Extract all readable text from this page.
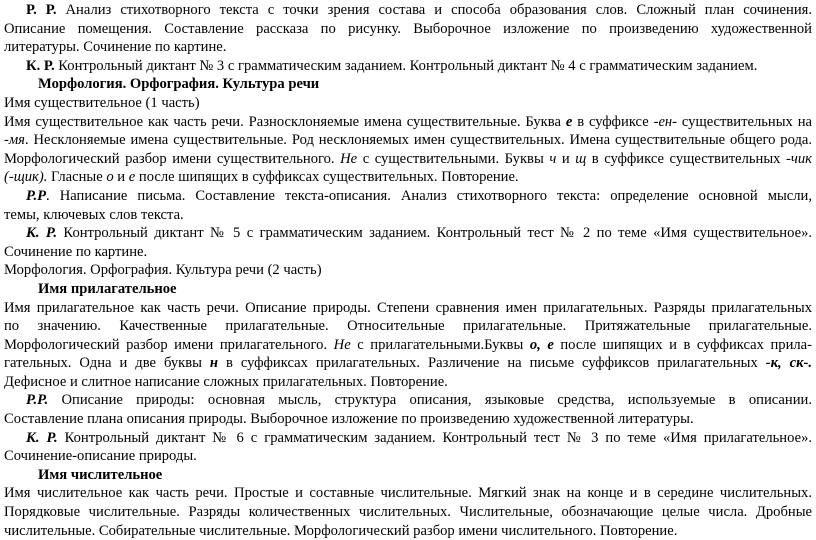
Р. Р. Анализ стихотворного текста с точки зрения состава и способа образования слов. Сложный план сочинения.
Описание помещения. Составление рассказа по рисунку. Выборочное изложение по произведению художественной
литературы. Сочинение по картине.
К. Р. Контрольный диктант № 3 с грамматическим заданием. Контрольный диктант № 4 с грамматическим заданием.
Морфология. Орфография. Культура речи
Имя существительное (1 часть)
Имя существительное как часть речи. Разносклоняемые имена существительные. Буква е в суффиксе -ен- существительных на
-мя. Несклоняемые имена существительные. Род несклоняемых имен существительных. Имена существительные общего рода.
Морфологический разбор имени существительного. Не с существительными. Буквы ч и щ в суффиксе существительных -чик
(-щик). Гласные о и е после шипящих в суффиксах существительных. Повторение.
Р.Р. Написание письма. Составление текста-описания. Анализ стихотворного текста: определение основной мысли,
темы, ключевых слов текста.
К. Р. Контрольный диктант № 5 с грамматическим заданием. Контрольный тест № 2 по теме «Имя существительное».
Сочинение по картине.
Морфология. Орфография. Культура речи (2 часть)
Имя прилагательное
Имя прилагательное как часть речи. Описание природы. Степени сравнения имен прилагательных. Разряды прилагательных
по значению. Качественные прилагательные. Относительные прилагательные. Притяжательные прилагательные.
Морфологический разбор имени прилагательного. Не с прилагательными.Буквы о, е после шипящих и в суффиксах прила-
гательных. Одна и две буквы н в суффиксах прилагательных. Различение на письме суффиксов прилагательных -к, ск-.
Дефисное и слитное написание сложных прилагательных. Повторение.
Р.Р. Описание природы: основная мысль, структура описания, языковые средства, используемые в описании.
Составление плана описания природы. Выборочное изложение по произведению художественной литературы.
К. Р. Контрольный диктант № 6 с грамматическим заданием. Контрольный тест № 3 по теме «Имя прилагательное».
Сочинение-описание природы.
Имя числительное
Имя числительное как часть речи. Простые и составные числительные. Мягкий знак на конце и в середине числительных.
Порядковые числительные. Разряды количественных числительных. Числительные, обозначающие целые числа. Дробные
числительные. Собирательные числительные. Морфологический разбор имени числительного. Повторение.
